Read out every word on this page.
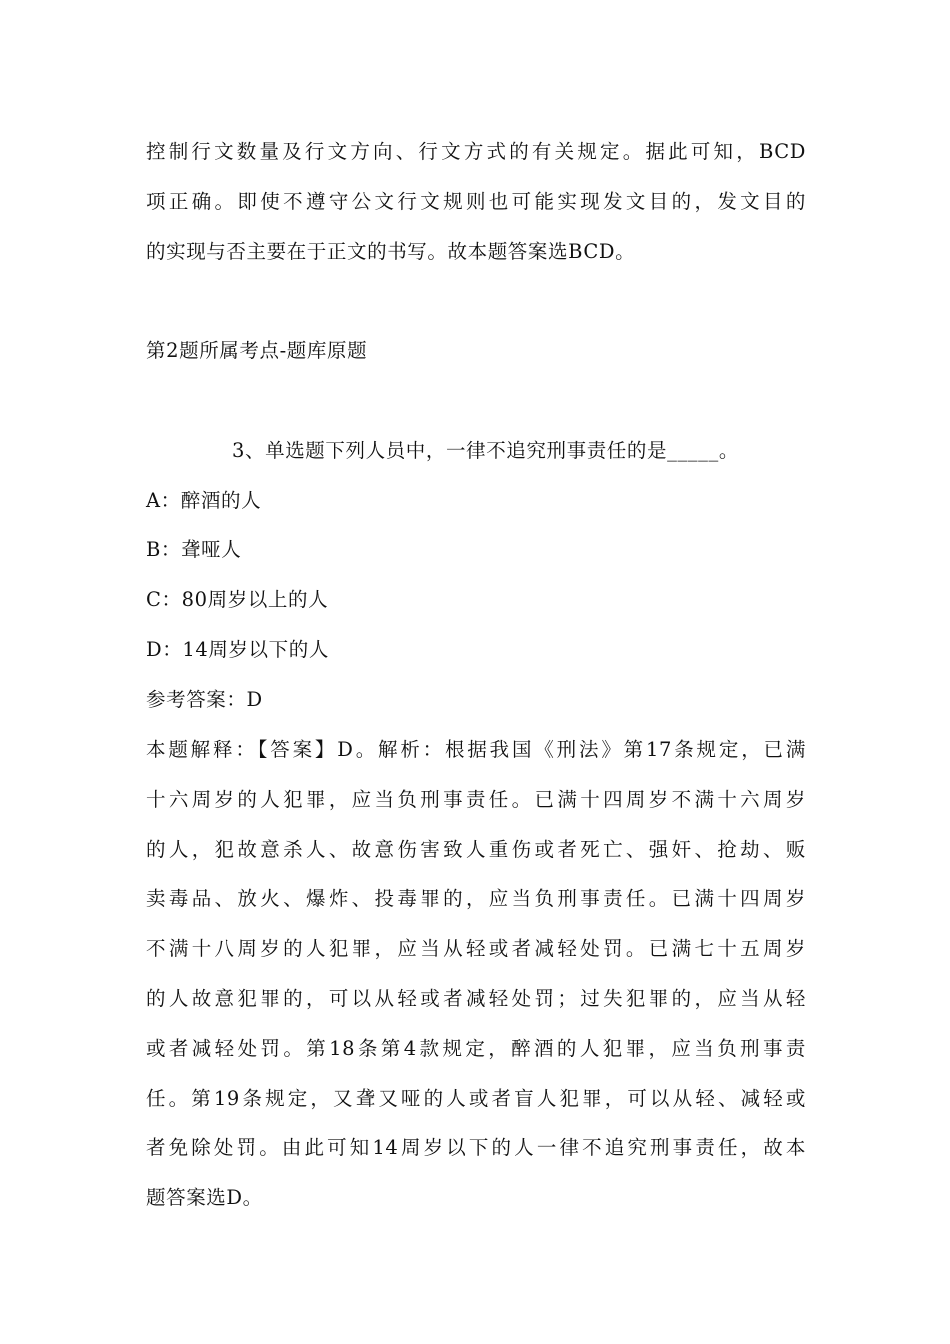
控制行文数量及行文方向、行文方式的有关规定。据此可知，BCD
项正确。即使不遵守公文行文规则也可能实现发文目的，发文目的
的实现与否主要在于正文的书写。故本题答案选BCD。
第2题所属考点-题库原题
3、单选题下列人员中，一律不追究刑事责任的是_____。
A：醉酒的人
B：聋哑人
C：80周岁以上的人
D：14周岁以下的人
参考答案：D
本题解释：【答案】D。解析：根据我国《刑法》第17条规定，已满
十六周岁的人犯罪，应当负刑事责任。已满十四周岁不满十六周岁
的人，犯故意杀人、故意伤害致人重伤或者死亡、强奸、抢劫、贩
卖毒品、放火、爆炸、投毒罪的，应当负刑事责任。已满十四周岁
不满十八周岁的人犯罪，应当从轻或者减轻处罚。已满七十五周岁
的人故意犯罪的，可以从轻或者减轻处罚；过失犯罪的，应当从轻
或者减轻处罚。第18条第4款规定，醉酒的人犯罪，应当负刑事责
任。第19条规定，又聋又哑的人或者盲人犯罪，可以从轻、减轻或
者免除处罚。由此可知14周岁以下的人一律不追究刑事责任，故本
题答案选D。
